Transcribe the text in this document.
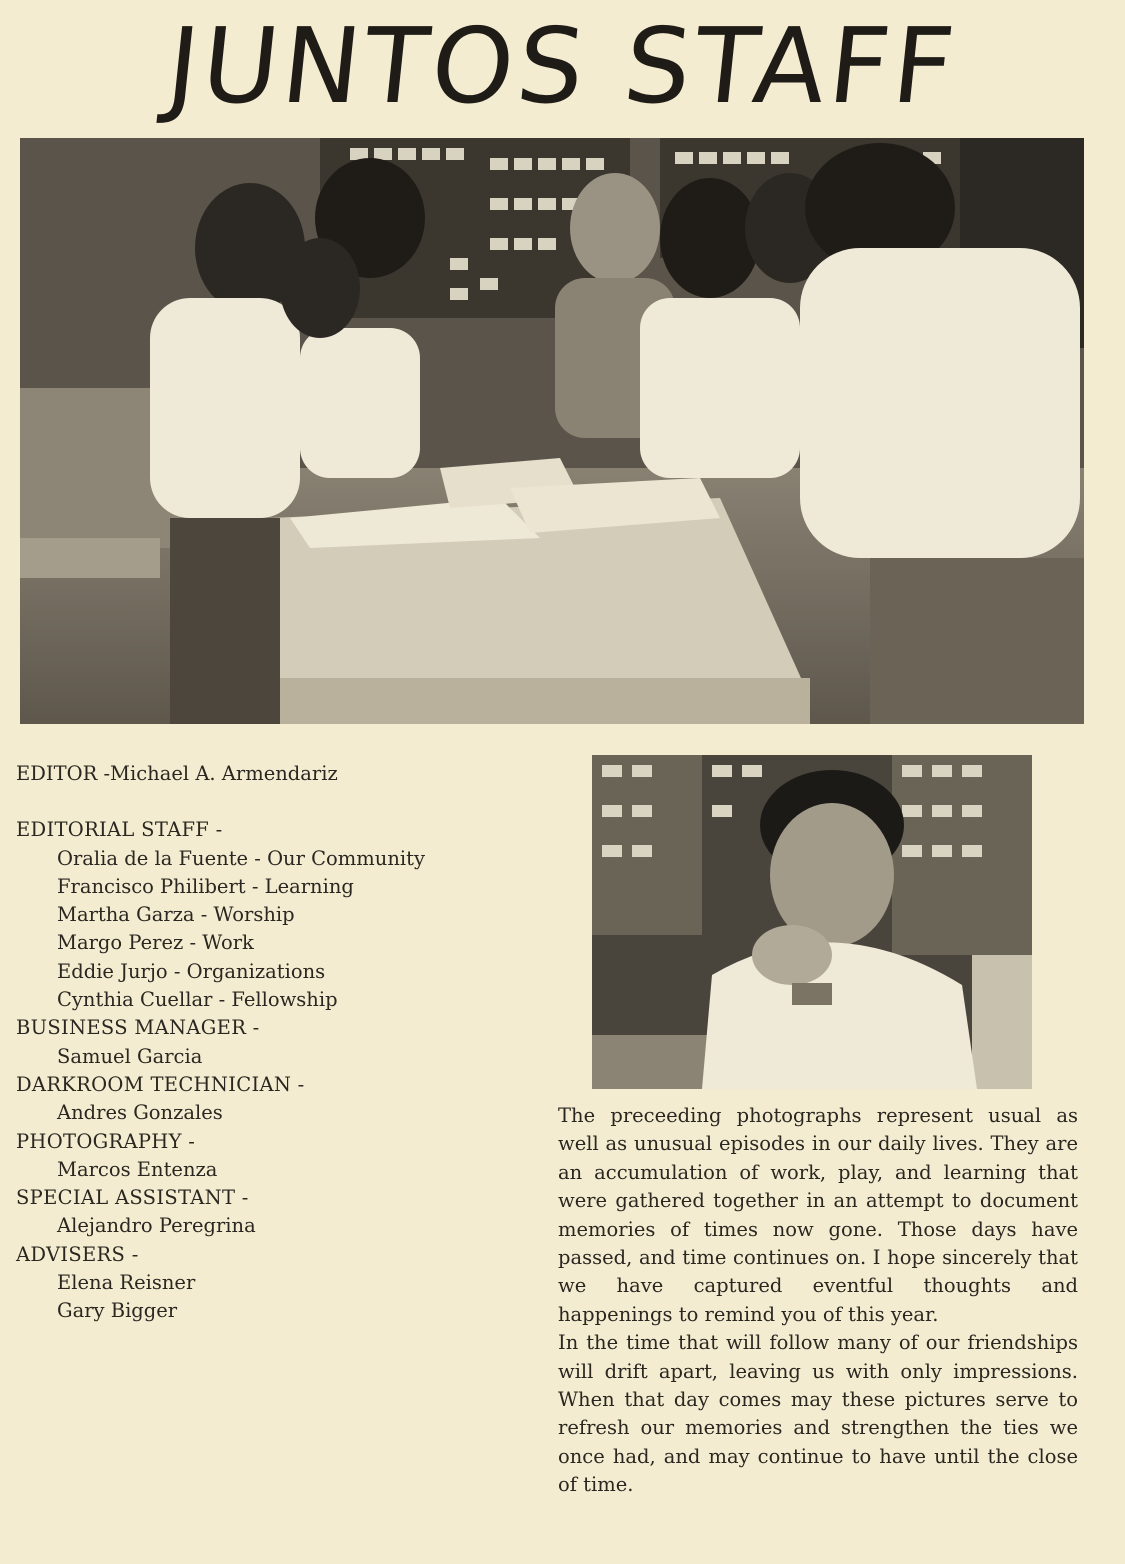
JUNTOS STAFF
EDITOR -Michael A. Armendariz
EDITORIAL STAFF -
Oralia de la Fuente - Our Community
Francisco Philibert - Learning
Martha Garza - Worship
Margo Perez - Work
Eddie Jurjo - Organizations
Cynthia Cuellar - Fellowship
BUSINESS MANAGER -
Samuel Garcia
DARKROOM TECHNICIAN -
Andres Gonzales
PHOTOGRAPHY -
Marcos Entenza
SPECIAL ASSISTANT -
Alejandro Peregrina
ADVISERS -
Elena Reisner
Gary Bigger

The preceeding photographs represent usual as well as unusual episodes in our daily lives. They are an accumulation of work, play, and learning that were gathered together in an attempt to document memories of times now gone. Those days have passed, and time continues on. I hope sincerely that we have captured eventful thoughts and happenings to remind you of this year.

In the time that will follow many of our friendships will drift apart, leaving us with only impressions. When that day comes may these pictures serve to refresh our memories and strengthen the ties we once had, and may continue to have until the close of time.
